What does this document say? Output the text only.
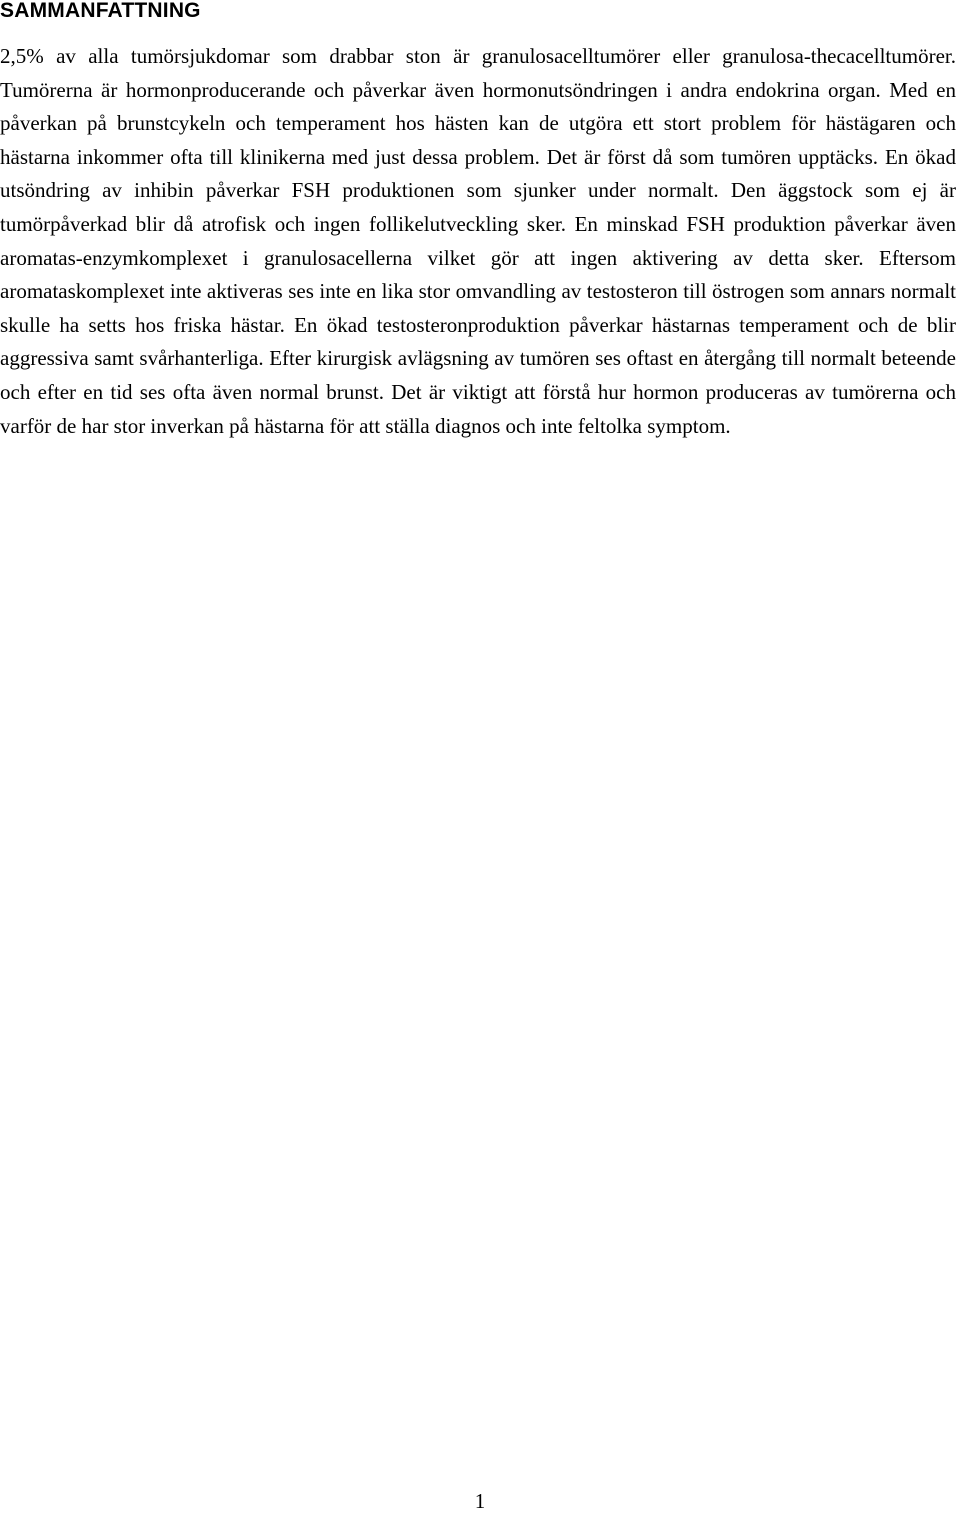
SAMMANFATTNING

2,5% av alla tumörsjukdomar som drabbar ston är granulosacelltumörer eller granulosa-thecacelltumörer. Tumörerna är hormonproducerande och påverkar även hormonutsöndringen i andra endokrina organ. Med en påverkan på brunstcykeln och temperament hos hästen kan de utgöra ett stort problem för hästägaren och hästarna inkommer ofta till klinikerna med just dessa problem. Det är först då som tumören upptäcks. En ökad utsöndring av inhibin påverkar FSH produktionen som sjunker under normalt. Den äggstock som ej är tumörpåverkad blir då atrofisk och ingen follikelutveckling sker. En minskad FSH produktion påverkar även aromatas-enzymkomplexet i granulosacellerna vilket gör att ingen aktivering av detta sker. Eftersom aromataskomplexet inte aktiveras ses inte en lika stor omvandling av testosteron till östrogen som annars normalt skulle ha setts hos friska hästar. En ökad testosteronproduktion påverkar hästarnas temperament och de blir aggressiva samt svårhanterliga. Efter kirurgisk avlägsning av tumören ses oftast en återgång till normalt beteende och efter en tid ses ofta även normal brunst. Det är viktigt att förstå hur hormon produceras av tumörerna och varför de har stor inverkan på hästarna för att ställa diagnos och inte feltolka symptom.

1
